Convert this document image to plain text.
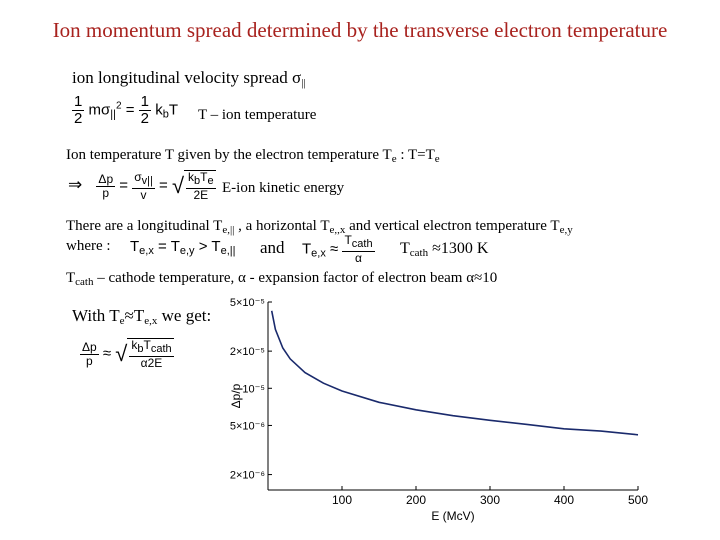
Ion momentum spread determined by the transverse electron temperature
ion longitudinal velocity spread $\sigma_{||}$
$\frac{1}{2} m\sigma_{||}^2 = \frac{1}{2} k_bT$ T – ion temperature
Ion temperature T given by the electron temperature $T_e$ : $T=T_e$
⇒ $\frac{\Delta p}{p} = \frac{\sigma v||}{v}$ = √ $\frac{\text{kbTe}}{2E} E-ion$ kinetic energy
There are a longitudinal $T_{e,||}$ , a horizontal $T_{e,,x}$ and vertical electron temperature $T_{e,y}$
where : $T_{e,x} = T_{e,y} > T_{e,||}$ and $T_{e,x} \approx \frac{\text{Tcath}}{\alpha} T_{cath} \approx 1300$ K
$T_{cath}$ – cathode temperature, α - expansion factor of electron beam α≈10
With $T_e\approx T_{e,x}$ we get:
$\frac{\Delta p}{p}$ ≈ √ $\frac{\text{kbTcath}}{\alpha 2E}$
5×10⁻⁵
2×10⁻⁵
10⁻⁵
5×10⁻⁶
2×10⁻⁶
100	200	300	400	500
E (McV)
Δp/p
